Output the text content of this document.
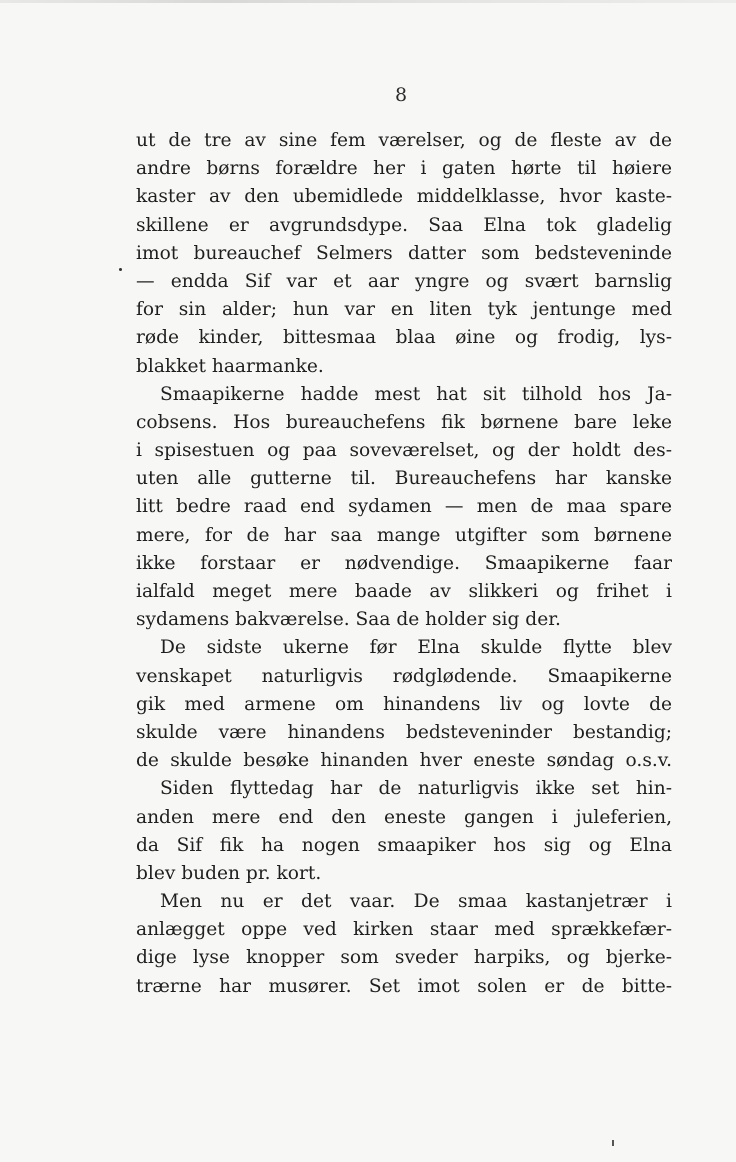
8
ut de tre av sine fem værelser, og de fleste av de
andre børns forældre her i gaten hørte til høiere
kaster av den ubemidlede middelklasse, hvor kaste-
skillene er avgrundsdype. Saa Elna tok gladelig
imot bureauchef Selmers datter som bedsteveninde
— endda Sif var et aar yngre og svært barnslig
for sin alder; hun var en liten tyk jentunge med
røde kinder, bittesmaa blaa øine og frodig, lys-
blakket haarmanke.
Smaapikerne hadde mest hat sit tilhold hos Ja-
cobsens. Hos bureauchefens fik børnene bare leke
i spisestuen og paa soveværelset, og der holdt des-
uten alle gutterne til. Bureauchefens har kanske
litt bedre raad end sydamen — men de maa spare
mere, for de har saa mange utgifter som børnene
ikke forstaar er nødvendige. Smaapikerne faar
ialfald meget mere baade av slikkeri og frihet i
sydamens bakværelse. Saa de holder sig der.
De sidste ukerne før Elna skulde flytte blev
venskapet naturligvis rødglødende. Smaapikerne
gik med armene om hinandens liv og lovte de
skulde være hinandens bedsteveninder bestandig;
de skulde besøke hinanden hver eneste søndag o.s.v.
Siden flyttedag har de naturligvis ikke set hin-
anden mere end den eneste gangen i juleferien,
da Sif fik ha nogen smaapiker hos sig og Elna
blev buden pr. kort.
Men nu er det vaar. De smaa kastanjetrær i
anlægget oppe ved kirken staar med sprækkefær-
dige lyse knopper som sveder harpiks, og bjerke-
trærne har musører. Set imot solen er de bitte-
